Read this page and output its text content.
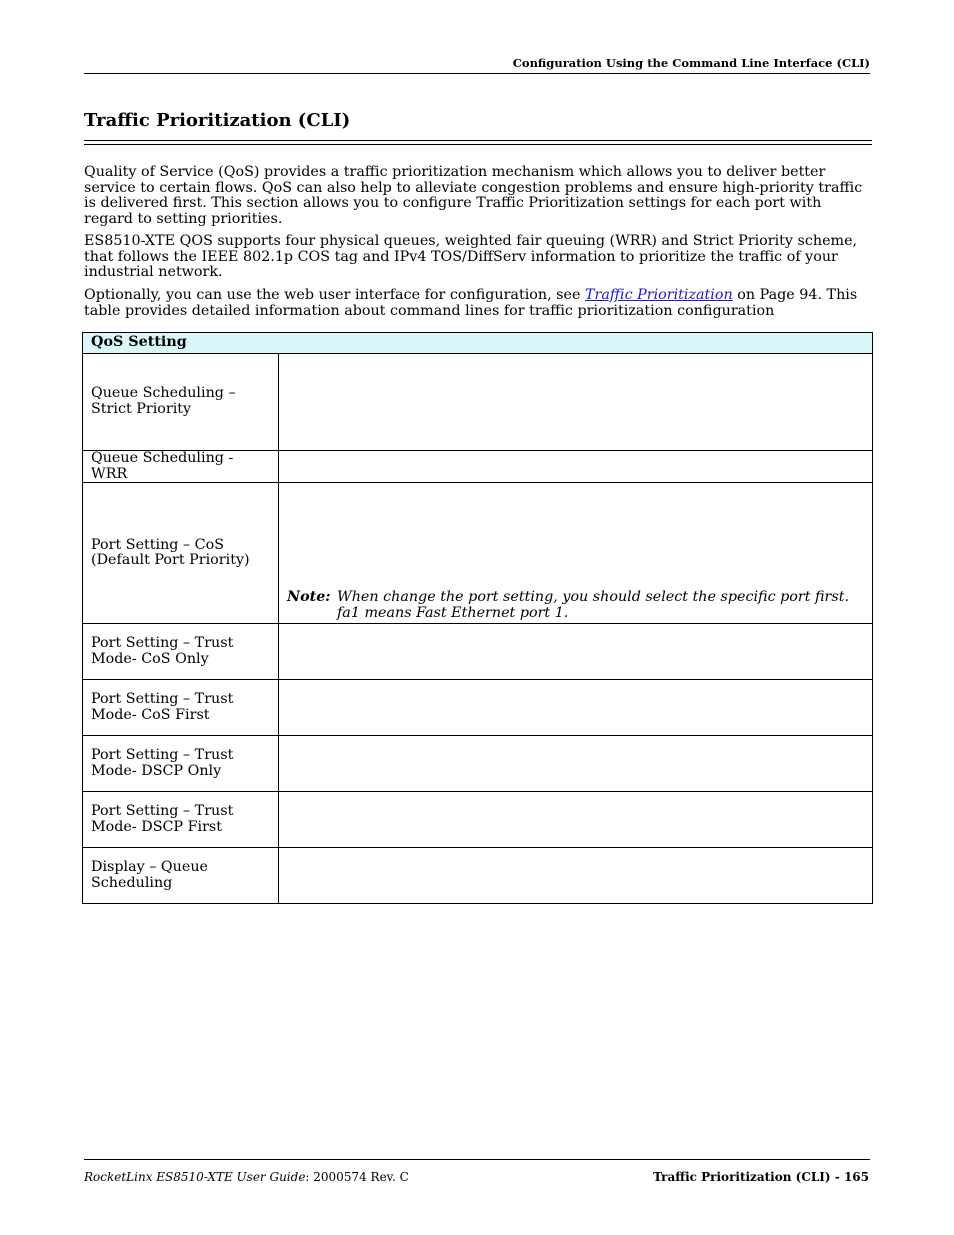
Configuration Using the Command Line Interface (CLI)
Traffic Prioritization (CLI)

Quality of Service (QoS) provides a traffic prioritization mechanism which allows you to deliver better service to certain flows. QoS can also help to alleviate congestion problems and ensure high-priority traffic is delivered first. This section allows you to configure Traffic Prioritization settings for each port with regard to setting priorities.

ES8510-XTE QOS supports four physical queues, weighted fair queuing (WRR) and Strict Priority scheme, that follows the IEEE 802.1p COS tag and IPv4 TOS/DiffServ information to prioritize the traffic of your industrial network.

Optionally, you can use the web user interface for configuration, see Traffic Prioritization on Page 94. This table provides detailed information about command lines for traffic prioritization configuration

QoS Setting	
Queue Scheduling – Strict Priority	
Queue Scheduling - WRR	
Port Setting – CoS (Default Port Priority)	Note: When change the port setting, you should select the specific port first. fa1 means Fast Ethernet port 1.

Port Setting – Trust Mode- CoS Only	
Port Setting – Trust Mode- CoS First	
Port Setting – Trust Mode- DSCP Only	
Port Setting – Trust Mode- DSCP First	
Display – Queue Scheduling	
RocketLinx ES8510-XTE User Guide: 2000574 Rev. C	Traffic Prioritization (CLI) - 165
